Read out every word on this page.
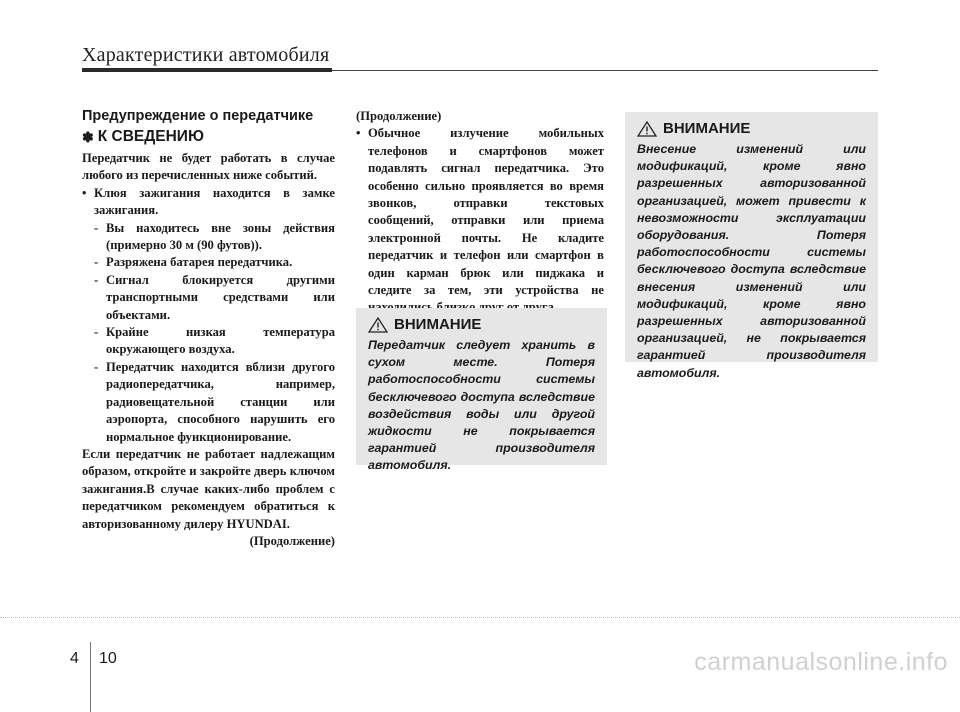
Характеристики автомобиля
Предупреждение о передатчике
✽ К СВЕДЕНИЮ

Передатчик не будет работать в случае любого из перечисленных ниже событий.

• Клюя зажигания находится в замке зажигания.
- Вы находитесь вне зоны действия (примерно 30 м (90 футов)).
- Разряжена батарея передатчика.
- Сигнал блокируется другими транспортными средствами или объектами.
- Крайне низкая температура окружающего воздуха.
- Передатчик находится вблизи другого радиопередатчика, например, радиовещательной станции или аэропорта, способного нарушить его нормальное функционирование.

Если передатчик не работает надлежащим образом, откройте и закройте дверь ключом зажигания.В случае каких-либо проблем с передатчиком рекомендуем обратиться к авторизованному дилеру HYUNDAI.

(Продолжение)
(Продолжение)
• Обычное излучение мобильных телефонов и смартфонов может подавлять сигнал передатчика. Это особенно сильно проявляется во время звонков, отправки текстовых сообщений, отправки или приема электронной почты. Не кладите передатчик и телефон или смартфон в один карман брюк или пиджака и следите за тем, эти устройства не
ВНИМАНИЕ

Передатчик следует хранить в сухом месте. Потеря работоспособности системы бесключевого доступа вследствие воздействия воды или другой жидкости не покрывается гарантией производителя автомобиля.

ВНИМАНИЕ

Внесение изменений или модификаций, кроме явно разрешенных авторизованной организацией, может привести к невозможности эксплуатации оборудования. Потеря работоспособности системы бесключевого доступа вследствие внесения изменений или модификаций, кроме явно разрешенных авторизованной организацией, не покрывается гарантией производителя автомобиля.

4 10	carmanualsonline.info
